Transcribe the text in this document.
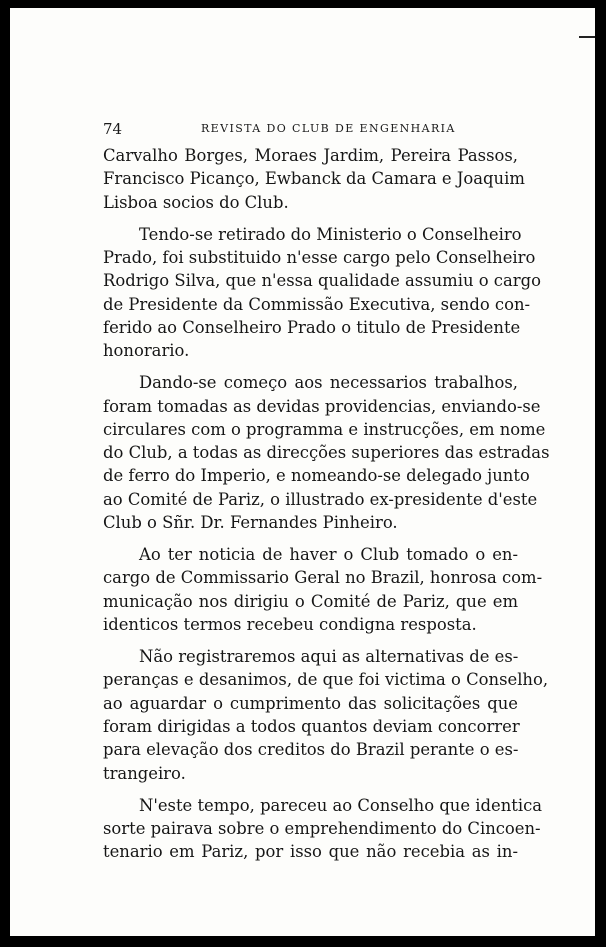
74	REVISTA DO CLUB DE ENGENHARIA

Carvalho Borges, Moraes Jardim, Pereira Passos,
Francisco Picanço, Ewbanck da Camara e Joaquim
Lisboa socios do Club.

Tendo-se retirado do Ministerio o Conselheiro
Prado, foi substituido n'esse cargo pelo Conselheiro
Rodrigo Silva, que n'essa qualidade assumiu o cargo
de Presidente da Commissão Executiva, sendo con-
ferido ao Conselheiro Prado o titulo de Presidente
honorario.

Dando-se começo aos necessarios trabalhos,
foram tomadas as devidas providencias, enviando-se
circulares com o programma e instrucções, em nome
do Club, a todas as direcções superiores das estradas
de ferro do Imperio, e nomeando-se delegado junto
ao Comité de Pariz, o illustrado ex-presidente d'este
Club o Sñr. Dr. Fernandes Pinheiro.

Ao ter noticia de haver o Club tomado o en-
cargo de Commissario Geral no Brazil, honrosa com-
municação nos dirigiu o Comité de Pariz, que em
identicos termos recebeu condigna resposta.

Não registraremos aqui as alternativas de es-
peranças e desanimos, de que foi victima o Conselho,
ao aguardar o cumprimento das solicitações que
foram dirigidas a todos quantos deviam concorrer
para elevação dos creditos do Brazil perante o es-
trangeiro.

N'este tempo, pareceu ao Conselho que identica
sorte pairava sobre o emprehendimento do Cincoen-
tenario em Pariz, por isso que não recebia as in-
